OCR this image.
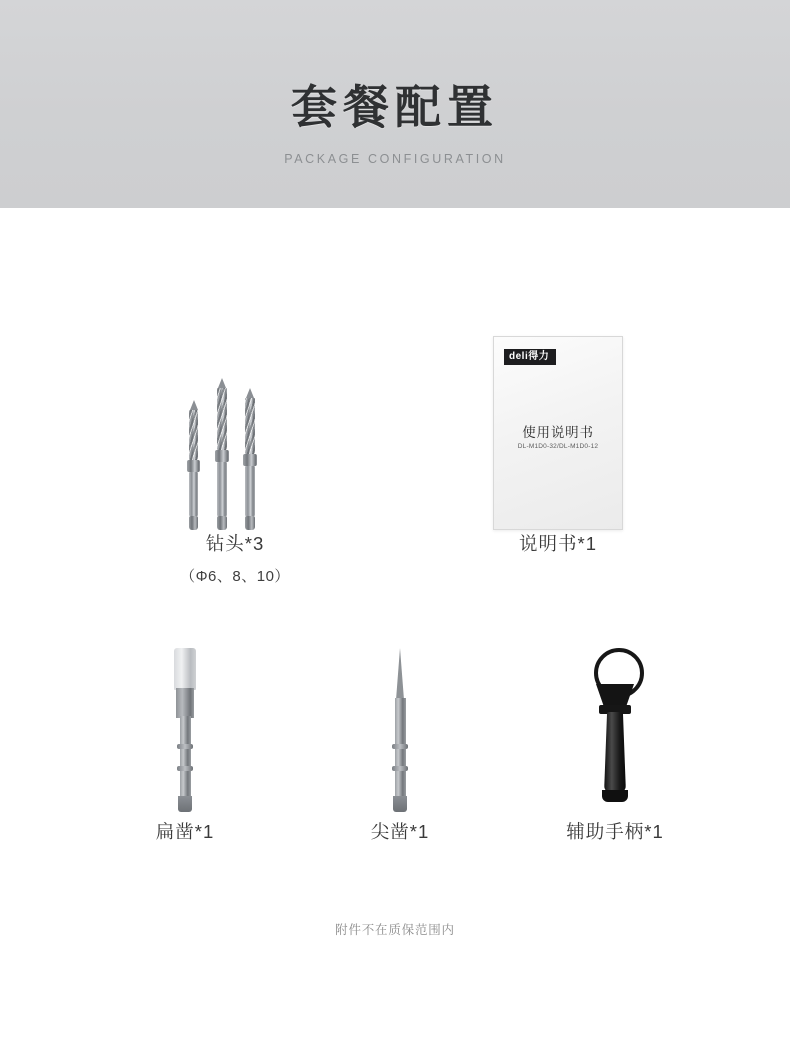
套餐配置
PACKAGE CONFIGURATION
钻头*3
（Φ6、8、10）
deli得力
使用说明书
DL-M1D0-32/DL-M1D0-12
说明书*1
扁凿*1	尖凿*1	辅助手柄*1
附件不在质保范围内
